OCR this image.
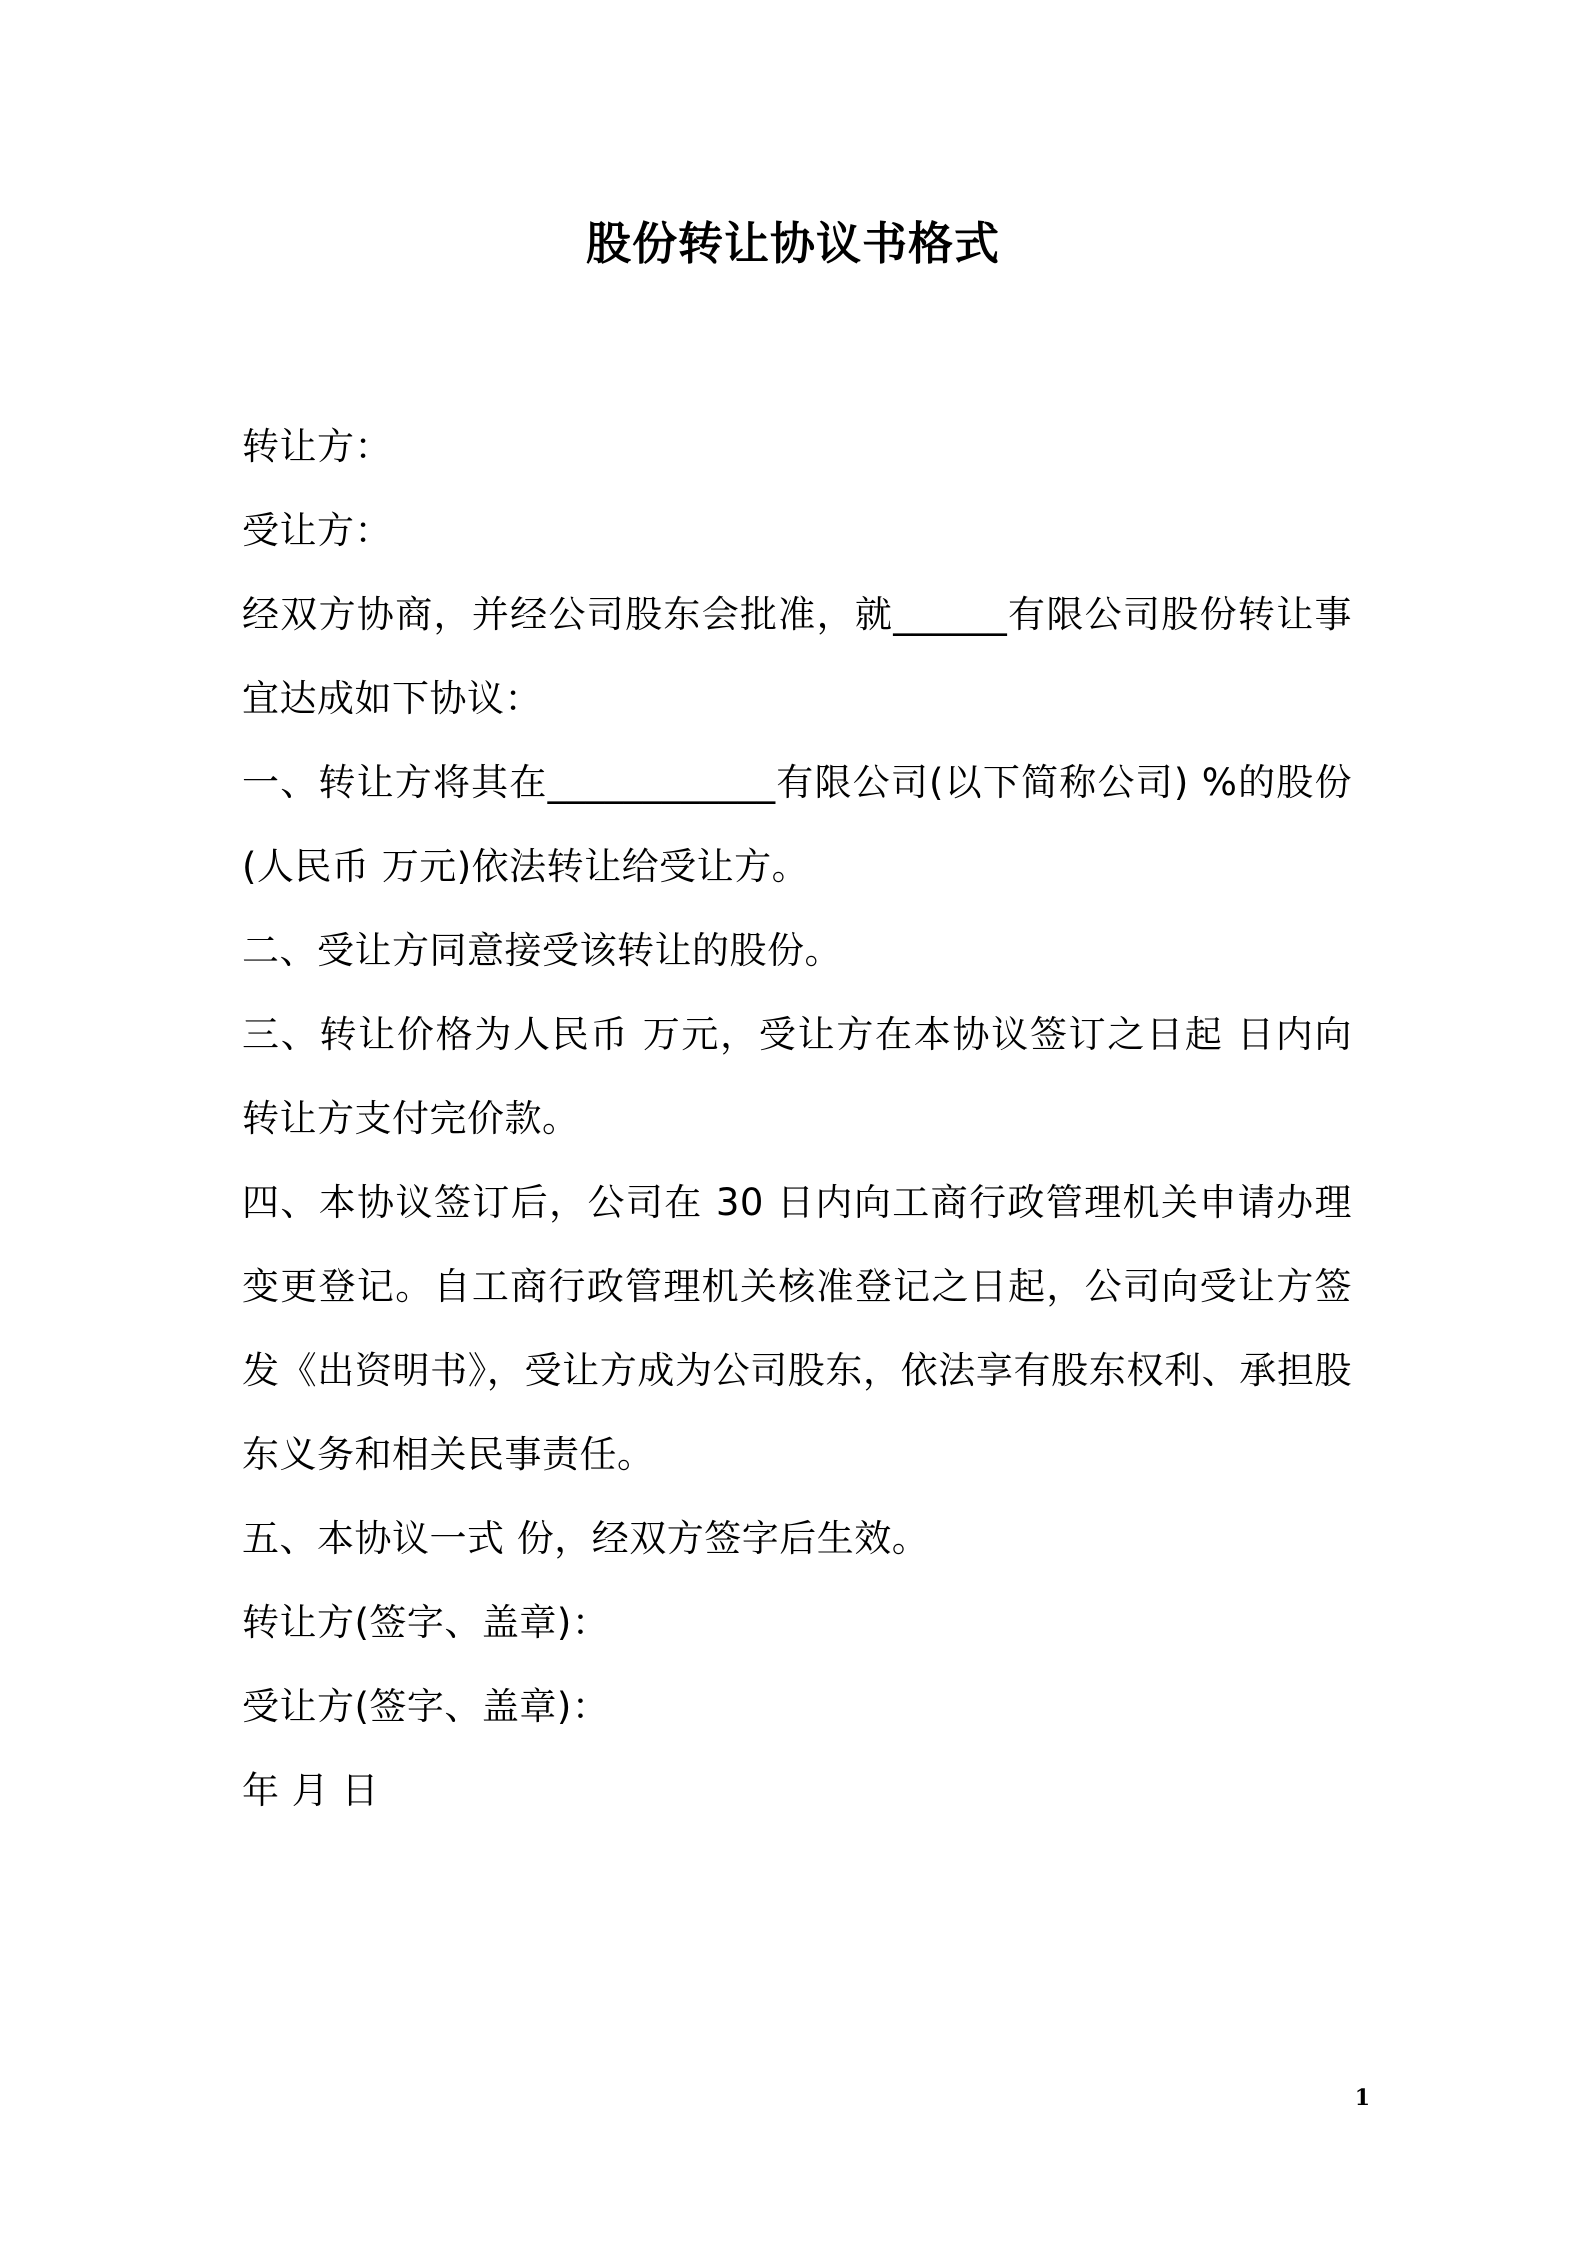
股份转让协议书格式

转让方：

受让方：

经双方协商，并经公司股东会批准，就______有限公司股份转让事宜达成如下协议：

一、转让方将其在____________有限公司(以下简称公司) %的股份(人民币 万元)依法转让给受让方。

二、受让方同意接受该转让的股份。

三、转让价格为人民币 万元，受让方在本协议签订之日起 日内向转让方支付完价款。

四、本协议签订后，公司在 30 日内向工商行政管理机关申请办理变更登记。自工商行政管理机关核准登记之日起，公司向受让方签发《出资明书》，受让方成为公司股东，依法享有股东权利、承担股东义务和相关民事责任。

五、本协议一式 份，经双方签字后生效。

转让方(签字、盖章)：

受让方(签字、盖章)：

年 月 日

1
